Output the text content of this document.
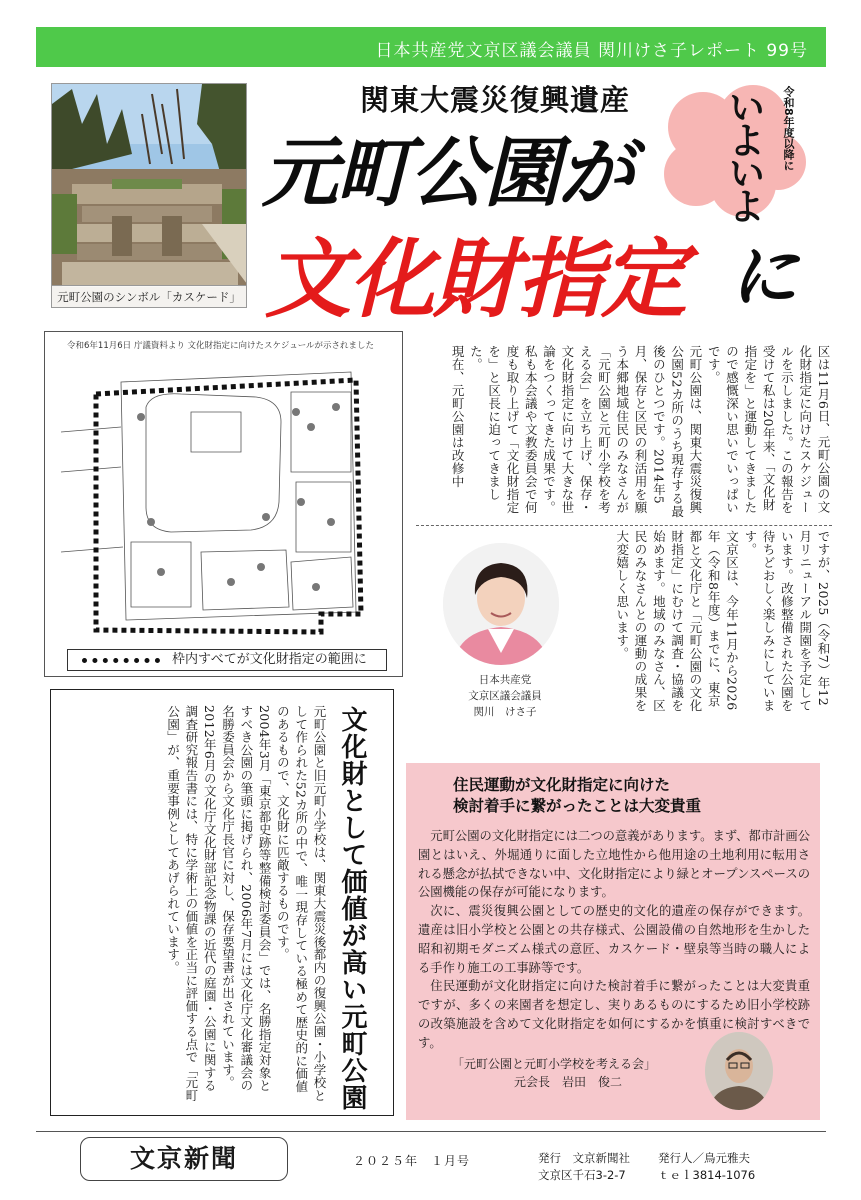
日本共産党文京区議会議員 関川けさ子レポート 99号
元町公園のシンボル「カスケード」
関東大震災復興遺産
元町公園が
文化財指定 に
いよいよ 令和8年度以降に
令和6年11月6日 庁議資料より 文化財指定に向けたスケジュールが示されました
枠内すべてが文化財指定の範囲に

区は11月6日、元町公園の文化財指定に向けたスケジュールを示しました。この報告を受けて私は20年来、「文化財指定を」と運動してきましたので感慨深い思いでいっぱいです。

元町公園は、関東大震災復興公園52カ所のうち現存する最後のひとつです。2014年5月、保存と区民の利活用を願う本郷地域住民のみなさんが「元町公園と元町小学校を考える会」を立ち上げ、保存・文化財指定に向けて大きな世論をつくってきた成果です。

私も本会議や文教委員会で何度も取り上げて「文化財指定を」と区長に迫ってきました。

現在、元町公園は改修中

ですが、2025（令和7）年12月リニューアル開園を予定しています。改修整備された公園を待ちどおしく楽しみにしています。

文京区は、今年11月から2026年（令和8年度）までに、東京都と文化庁と「元町公園の文化財指定」にむけて調査・協議を始めます。地域のみなさん、区民のみなさんとの運動の成果を大変嬉しく思います。

日本共産党
文京区議会議員
関川　けさ子
文化財として価値が高い元町公園

元町公園と旧元町小学校は、関東大震災後都内の復興公園・小学校として作られた52カ所の中で、唯一現存している極めて歴史的に価値のあるもので、文化財に匹敵するものです。

2004年3月「東京都史跡等整備検討委員会」では、名勝指定対象とすべき公園の筆頭に掲げられ、2006年7月には文化庁文化審議会の名勝委員会から文化庁長官に対し、保存要望書が出されています。

2012年6月の文化庁文化財部記念物課の近代の庭園・公園に関する調査研究報告書には、特に学術上の価値を正当に評価する点で「元町公園」が、重要事例としてあげられています。	住民運動が文化財指定に向けた
検討着手に繋がったことは大変貴重

元町公園の文化財指定には二つの意義があります。まず、都市計画公園とはいえ、外堀通りに面した立地性から他用途の土地利用に転用される懸念が払拭できない中、文化財指定により緑とオープンスペースの公園機能の保存が可能になります。

次に、震災復興公園としての歴史的文化的遺産の保存ができます。遺産は旧小学校と公園との共存様式、公園設備の自然地形を生かした昭和初期モダニズム様式の意匠、カスケード・壁泉等当時の職人による手作り施工の工事跡等です。

住民運動が文化財指定に向けた検討着手に繋がったことは大変貴重ですが、多くの来園者を想定し、実りあるものにするため旧小学校跡の改築施設を含めて文化財指定を如何にするかを慎重に検討すべきです。

「元町公園と元町小学校を考える会」
元会長　岩田　俊二
文京新聞	２０２５年　１月号	発行　文京新聞社
文京区千石3-2-7
発行人／鳥元雅夫
ｔｅｌ3814-1076
